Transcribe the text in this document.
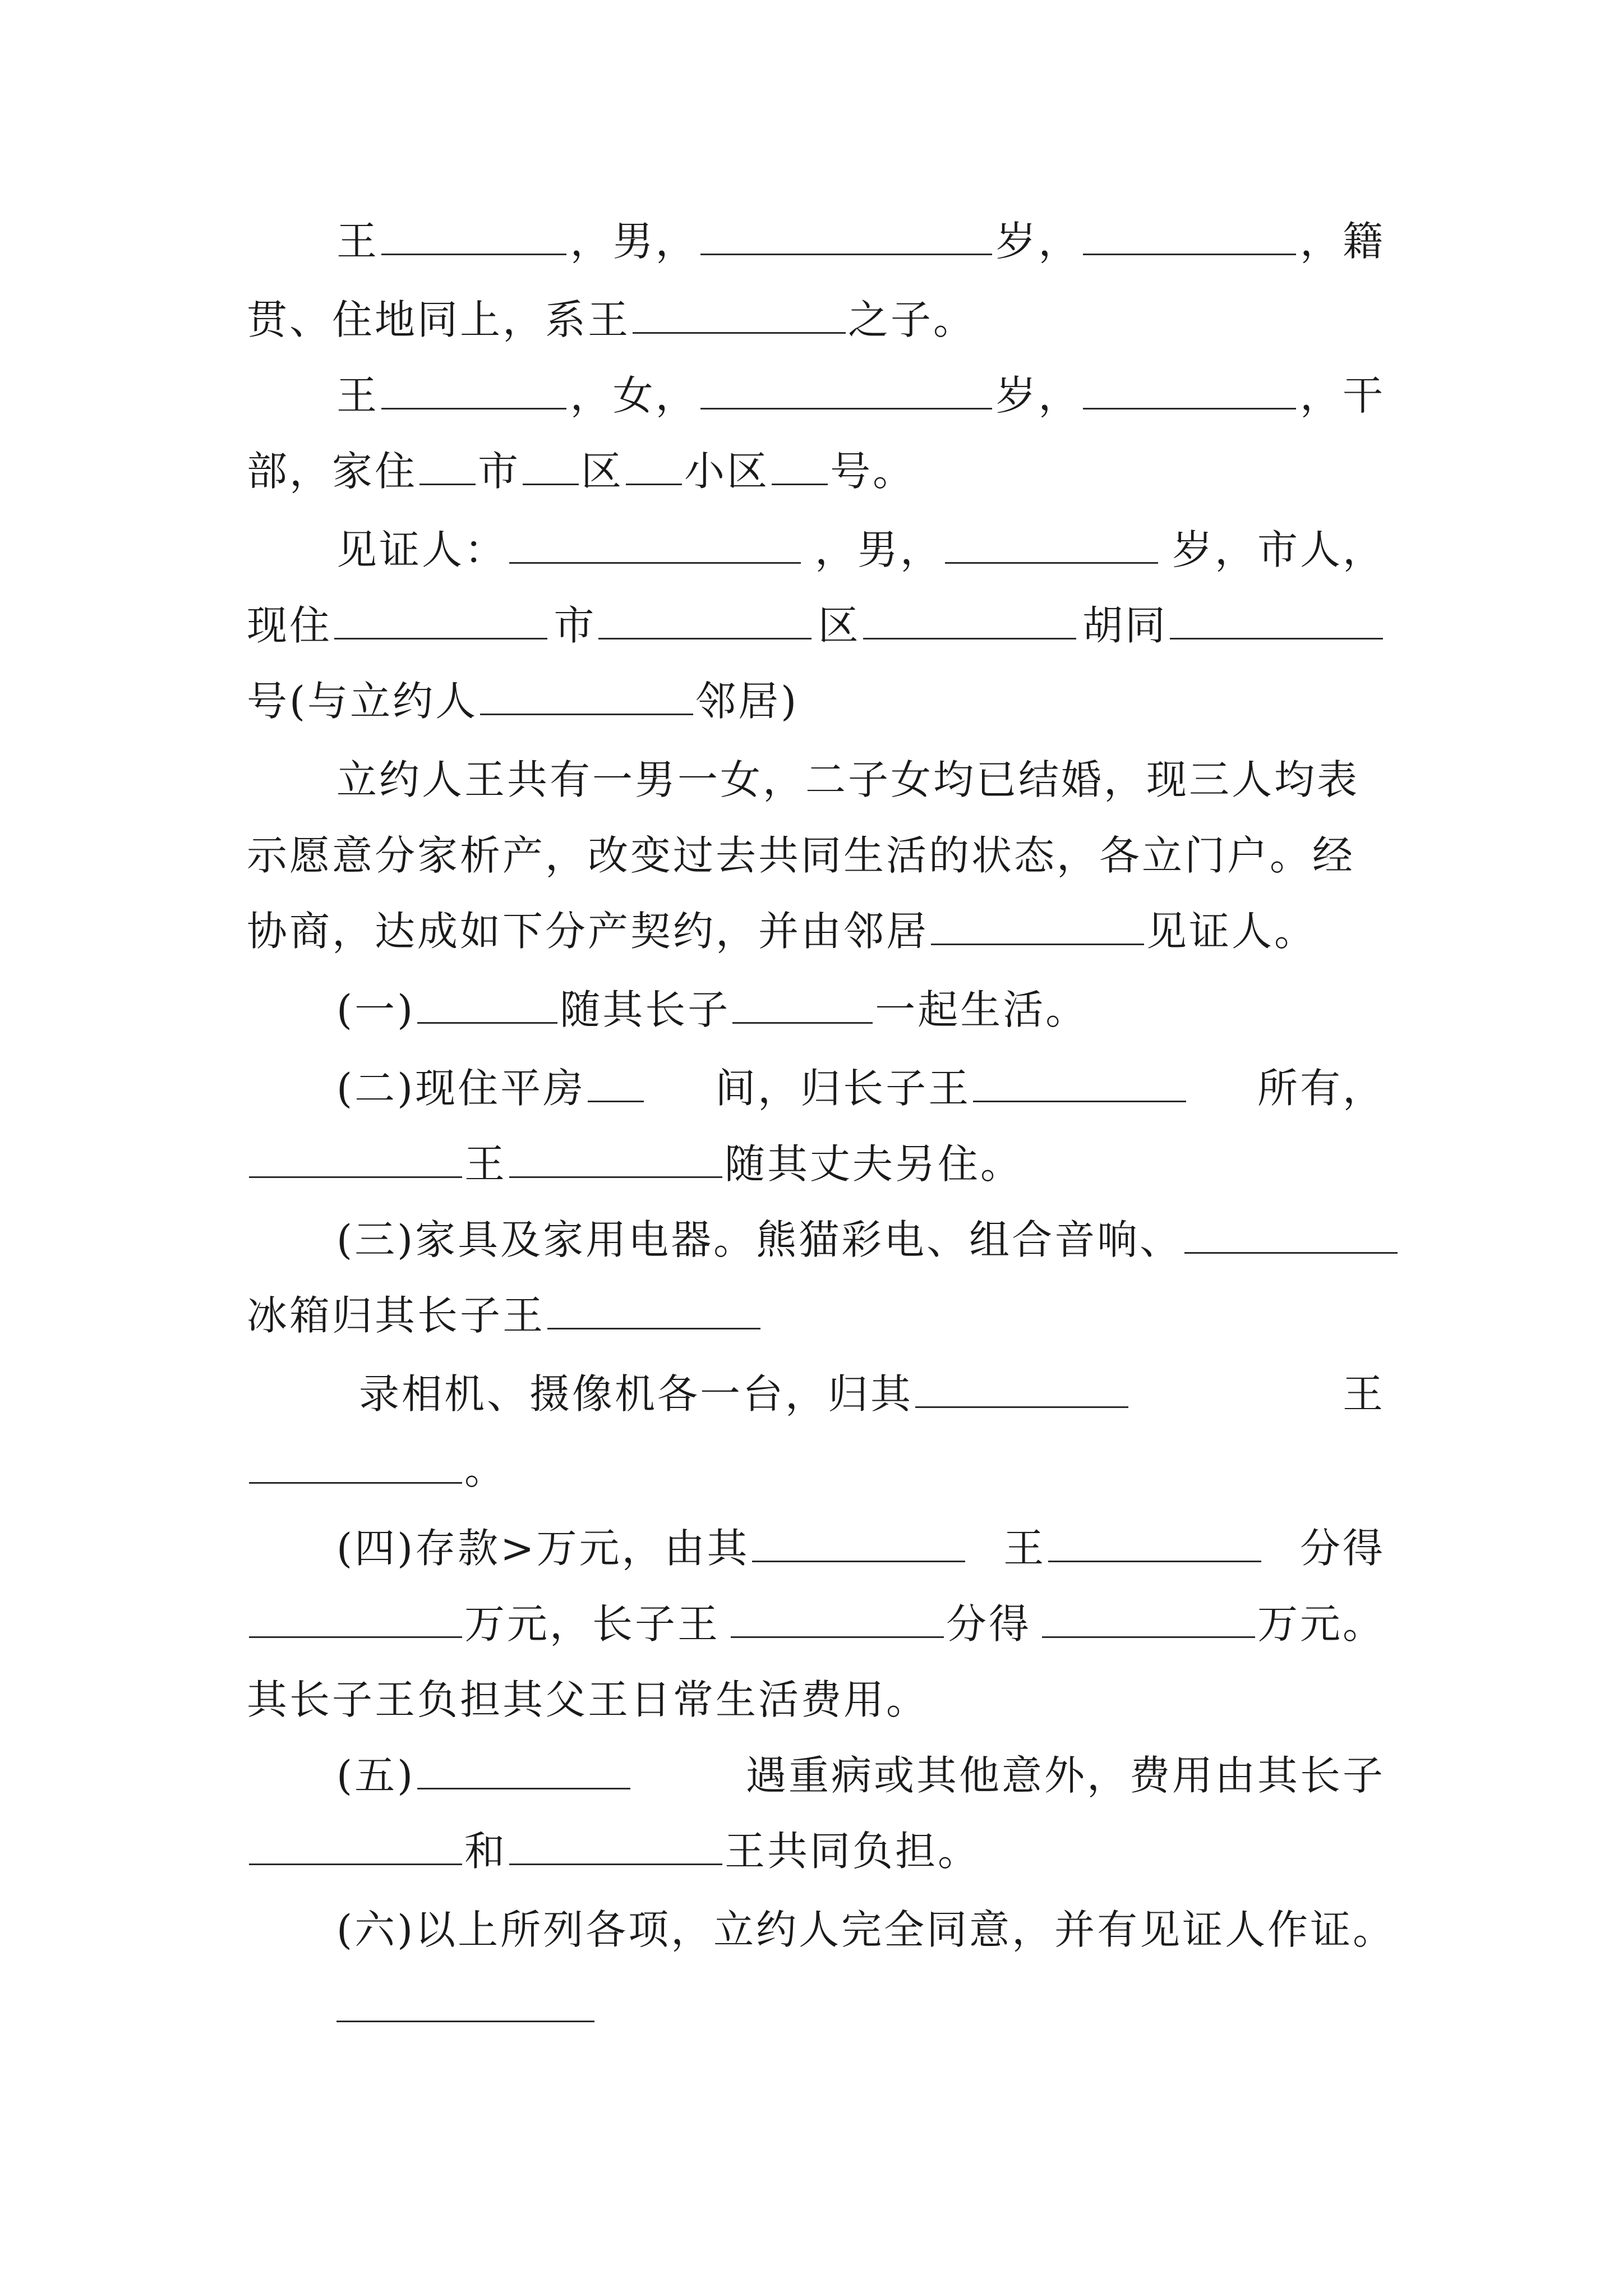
王	，男，	岁，	，籍
贯、住地同上，系王	之子。
王	，女，	岁，	，干
部，家住 市 区 小区 号。
见证人：	，男，	岁，市人，
现住	市	区	胡同
号(与立约人	邻居)
立约人王共有一男一女，二子女均已结婚，现三人均表
示愿意分家析产，改变过去共同生活的状态，各立门户。经
协商，达成如下分产契约，并由邻居	见证人。
(一)	随其长子	一起生活。
(二)现住平房	间，归长子王	所有，
王	随其丈夫另住。
(三)家具及家用电器。熊猫彩电、组合音响、
冰箱归其长子王
录相机、摄像机各一台，归其	王
。
(四)存款>万元，由其	王	分得
万元，长子王	分得	万元。
其长子王负担其父王日常生活费用。
(五)	遇重病或其他意外，费用由其长子
和	王共同负担。
(六)以上所列各项，立约人完全同意，并有见证人作证。
